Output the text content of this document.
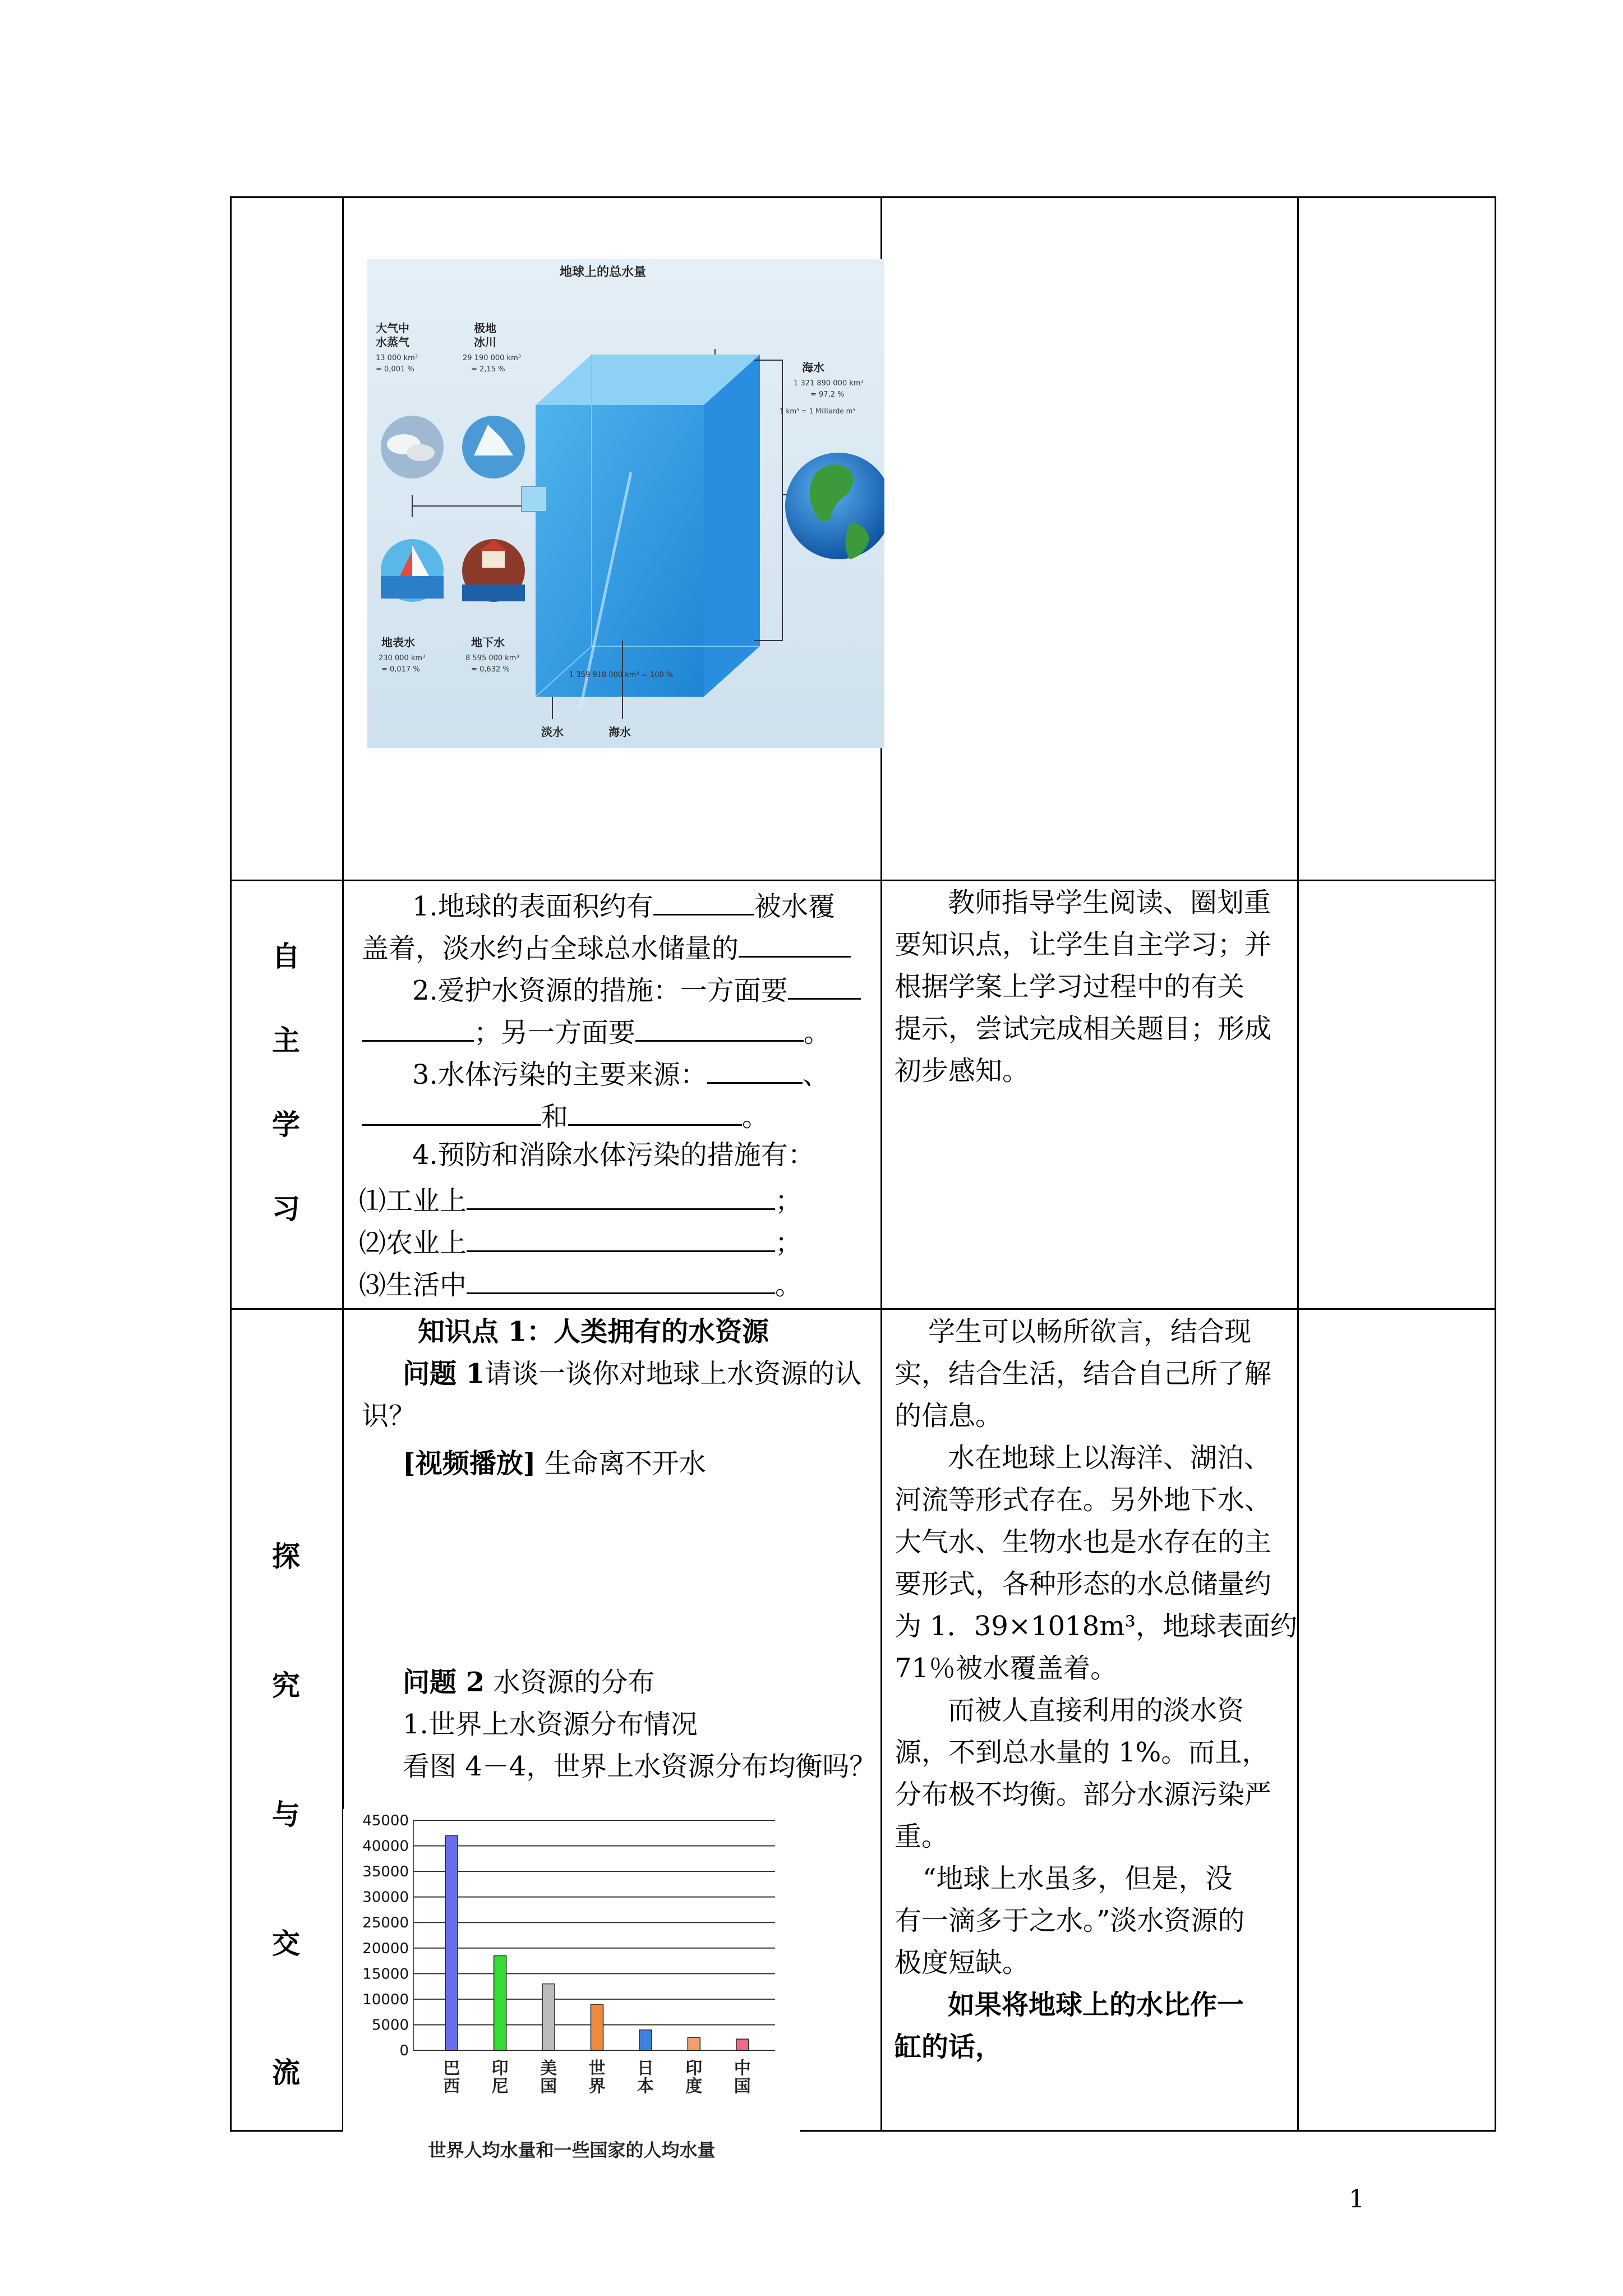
地球上的总水量
大气中
水蒸气
13 000 km³
= 0,001 %
极地
冰川
29 190 000 km³
= 2,15 %	海水
1 321 890 000 km³
= 97,2 %
1 km³ = 1 Milliarde m³
地表水
230 000 km³
= 0,017 %
地下水
8 595 000 km³
= 0,632 %
1 359 918 000 km³ = 100 %
淡水	海水
自
主
学
习
1.地球的表面积约有	被水覆
盖着，淡水约占全球总水储量的
2.爱护水资源的措施：一方面要
；另一方面要	。
3.水体污染的主要来源：	、
和	。
4.预防和消除水体污染的措施有：
⑴工业上	；
⑵农业上	；
⑶生活中	。
教师指导学生阅读、圈划重
要知识点，让学生自主学习；并
根据学案上学习过程中的有关
提示，尝试完成相关题目；形成
初步感知。
探
究
与
交
流
知识点 1：人类拥有的水资源
问题 1请谈一谈你对地球上水资源的认
识？
[视频播放] 生命离不开水
问题 2 水资源的分布
1.世界上水资源分布情况
看图 4－4，世界上水资源分布均衡吗？
学生可以畅所欲言，结合现
实，结合生活，结合自己所了解
的信息。
水在地球上以海洋、湖泊、
河流等形式存在。另外地下水、
大气水、生物水也是水存在的主
要形式，各种形态的水总储量约
为 1．39×1018m³，地球表面约
71％被水覆盖着。
而被人直接利用的淡水资
源，不到总水量的 1%。而且，
分布极不均衡。部分水源污染严
重。
“地球上水虽多，但是，没
有一滴多于之水。”淡水资源的
极度短缺。
如果将地球上的水比作一
缸的话，
0
5000
10000
15000
20000
25000
30000
35000
40000
45000
巴
西
印
尼
美
国
世
界
日
本
印
度
中
国
世界人均水量和一些国家的人均水量
1
